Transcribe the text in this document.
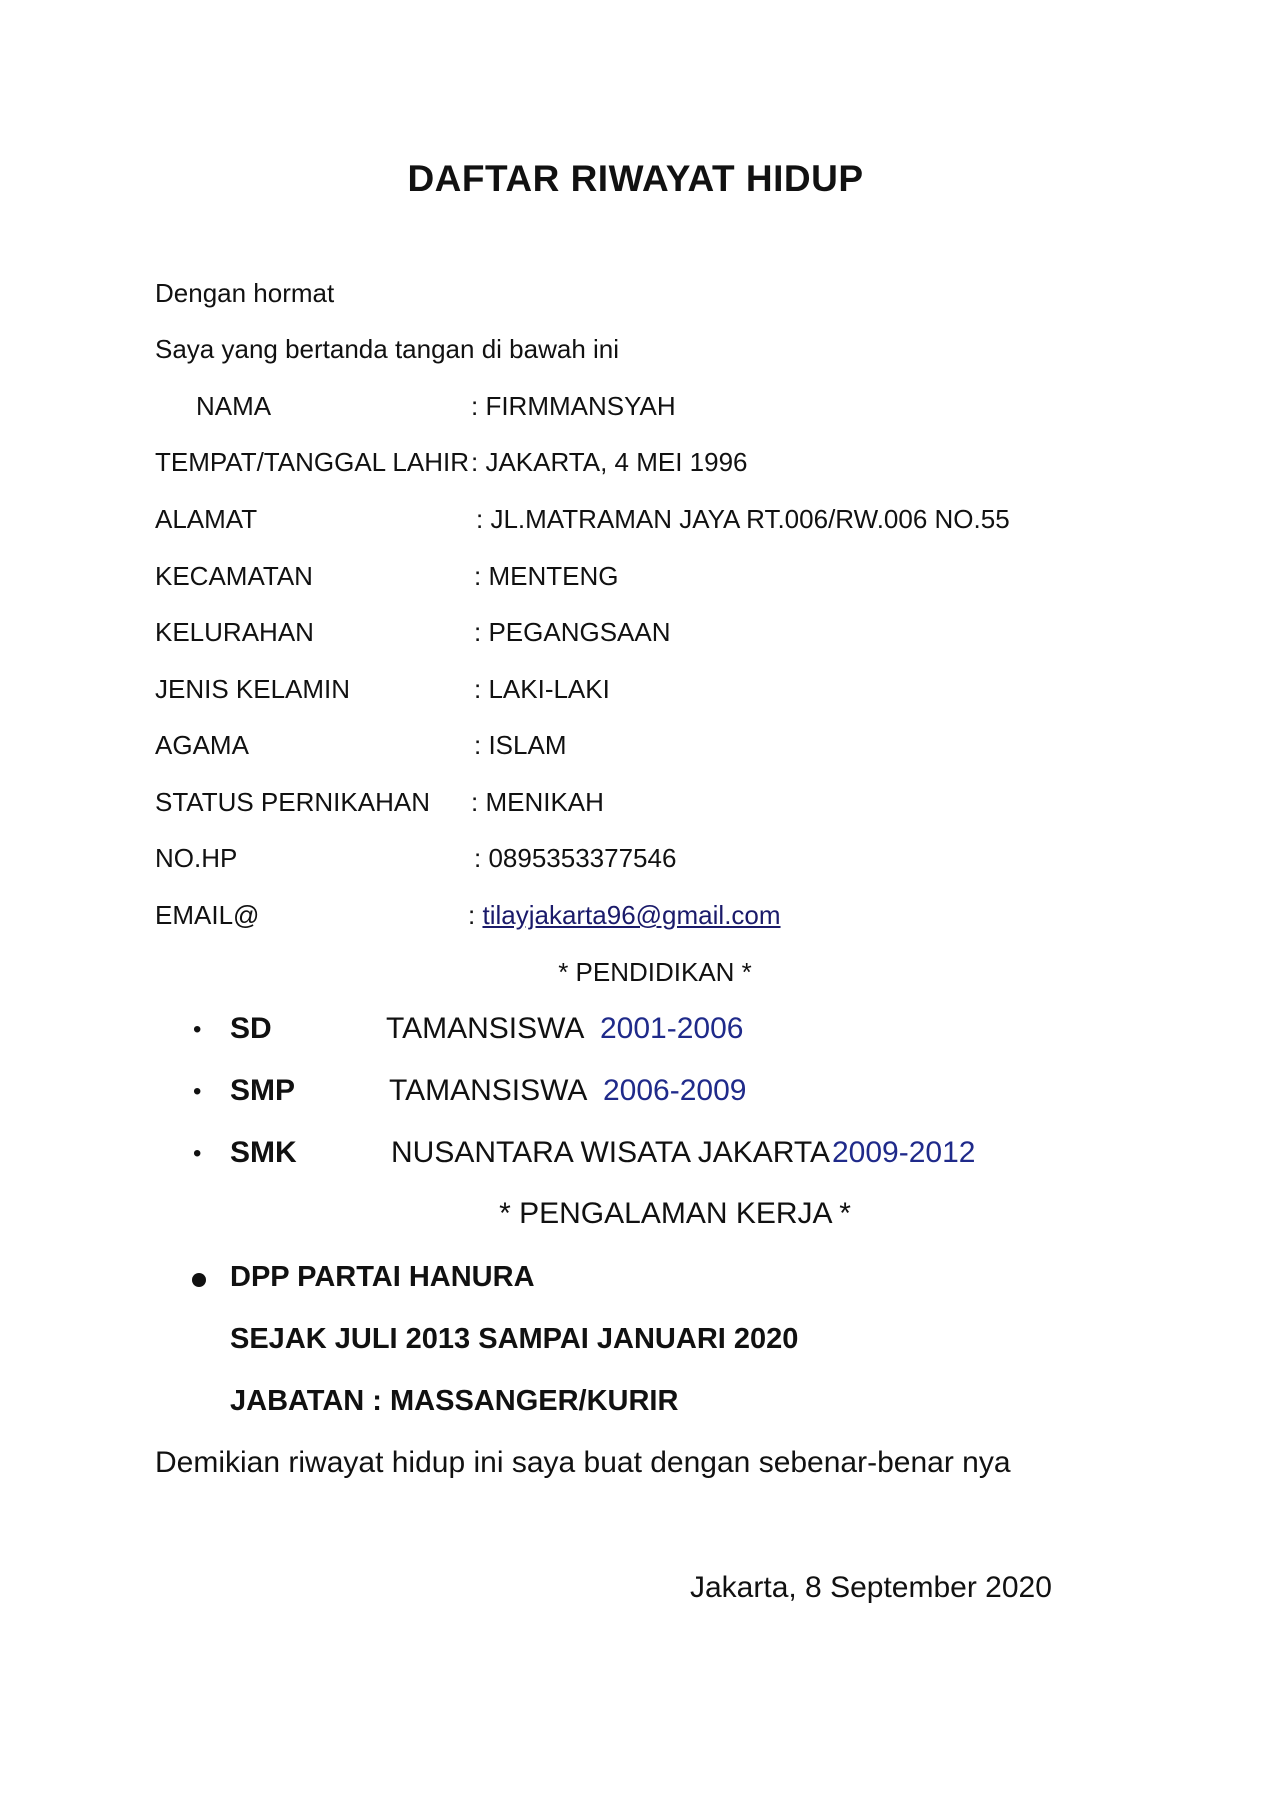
DAFTAR RIWAYAT HIDUP
Dengan hormat
Saya yang bertanda tangan di bawah ini
NAMA	: FIRMMANSYAH
TEMPAT/TANGGAL LAHIR : JAKARTA, 4 MEI 1996
ALAMAT	: JL.MATRAMAN JAYA RT.006/RW.006 NO.55
KECAMATAN	: MENTENG
KELURAHAN	: PEGANGSAAN
JENIS KELAMIN	: LAKI-LAKI
AGAMA	: ISLAM
STATUS PERNIKAHAN : MENIKAH
NO.HP	: 0895353377546
EMAIL@	: tilayjakarta96@gmail.com
* PENDIDIKAN *
• SD	TAMANSISWA 2001-2006
• SMP	TAMANSISWA 2006-2009
• SMK	NUSANTARA WISATA JAKARTA 2009-2012
* PENGALAMAN KERJA *
DPP PARTAI HANURA
SEJAK JULI 2013 SAMPAI JANUARI 2020
JABATAN : MASSANGER/KURIR
Demikian riwayat hidup ini saya buat dengan sebenar-benar nya
Jakarta, 8 September 2020
